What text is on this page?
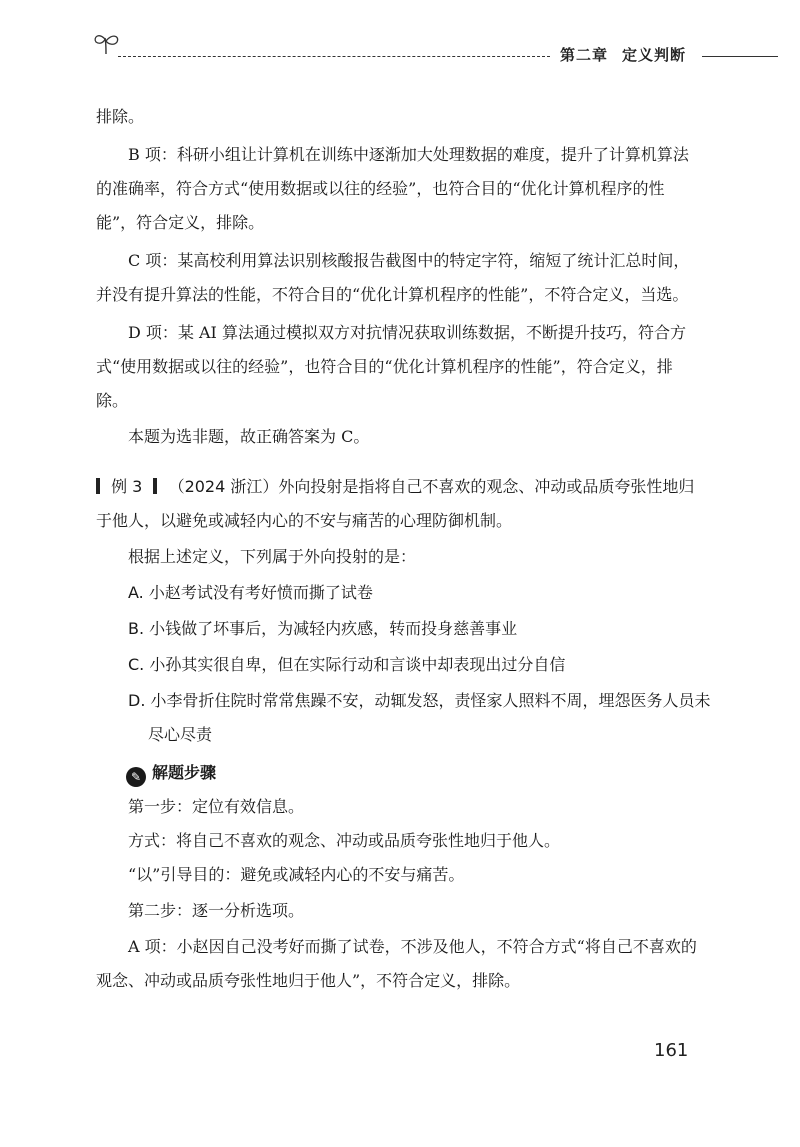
第二章 定义判断
排除。
B 项：科研小组让计算机在训练中逐渐加大处理数据的难度，提升了计算机算法的准确率，符合方式“使用数据或以往的经验”，也符合目的“优化计算机程序的性能”，符合定义，排除。
C 项：某高校利用算法识别核酸报告截图中的特定字符，缩短了统计汇总时间，并没有提升算法的性能，不符合目的“优化计算机程序的性能”，不符合定义，当选。
D 项：某 AI 算法通过模拟双方对抗情况获取训练数据，不断提升技巧，符合方式“使用数据或以往的经验”，也符合目的“优化计算机程序的性能”，符合定义，排除。
本题为选非题，故正确答案为 C。
例 3 （2024 浙江）外向投射是指将自己不喜欢的观念、冲动或品质夸张性地归于他人，以避免或减轻内心的不安与痛苦的心理防御机制。
根据上述定义，下列属于外向投射的是：
A. 小赵考试没有考好愤而撕了试卷
B. 小钱做了坏事后，为减轻内疚感，转而投身慈善事业
C. 小孙其实很自卑，但在实际行动和言谈中却表现出过分自信
D. 小李骨折住院时常常焦躁不安，动辄发怒，责怪家人照料不周，埋怨医务人员未尽心尽责
✎ 解题步骤
第一步：定位有效信息。
方式：将自己不喜欢的观念、冲动或品质夸张性地归于他人。
“以”引导目的：避免或减轻内心的不安与痛苦。
第二步：逐一分析选项。
A 项：小赵因自己没考好而撕了试卷，不涉及他人，不符合方式“将自己不喜欢的观念、冲动或品质夸张性地归于他人”，不符合定义，排除。
161
